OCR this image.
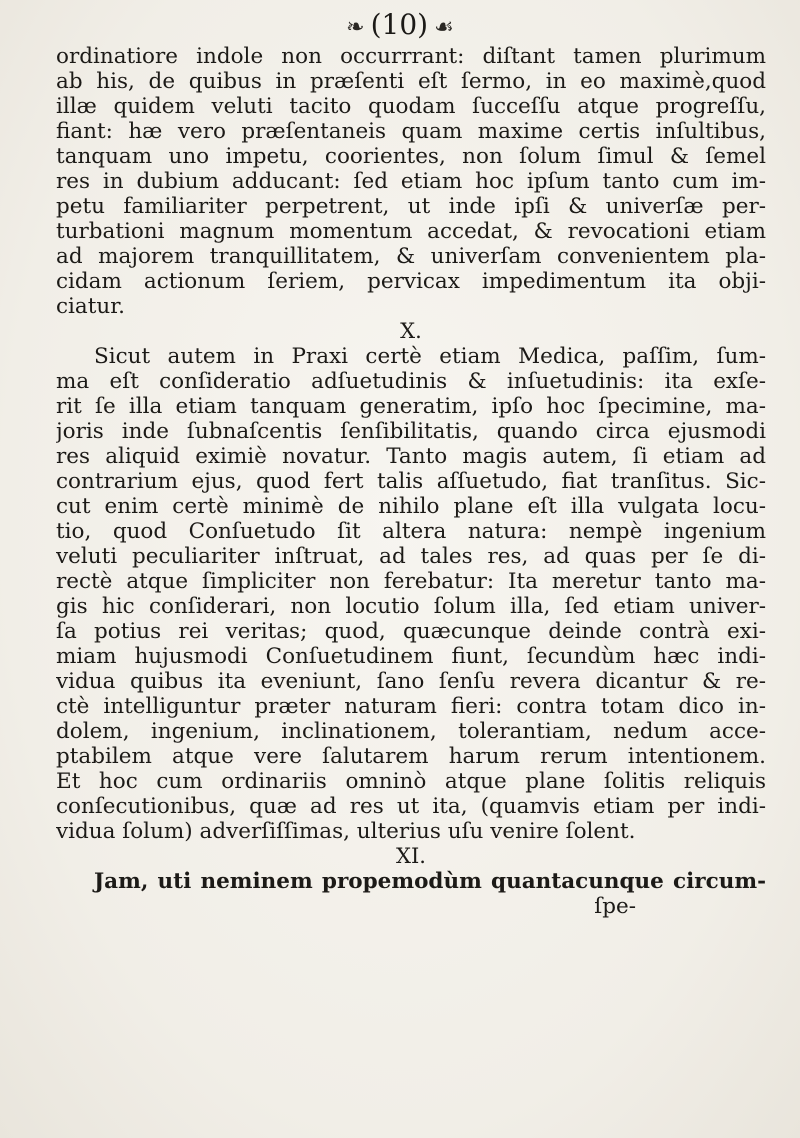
❧ (10) ☙
ordinatiore indole non occurrrant: diſtant tamen plurimum
ab his, de quibus in præſenti eſt ſermo, in eo maximè,quod
illæ quidem veluti tacito quodam ſucceſſu atque progreſſu,
fiant: hæ vero præſentaneis quam maxime certis inſultibus,
tanquam uno impetu, coorientes, non ſolum ſimul & ſemel
res in dubium adducant: ſed etiam hoc ipſum tanto cum im-
petu familiariter perpetrent, ut inde ipſi & univerſæ per-
turbationi magnum momentum accedat, & revocationi etiam
ad majorem tranquillitatem, & univerſam convenientem pla-
cidam actionum ſeriem, pervicax impedimentum ita obji-
ciatur.
X.
Sicut autem in Praxi certè etiam Medica, paſſim, ſum-
ma eſt conſideratio adſuetudinis & inſuetudinis: ita exſe-
rit ſe illa etiam tanquam generatim, ipſo hoc ſpecimine, ma-
joris inde ſubnaſcentis ſenſibilitatis, quando circa ejusmodi
res aliquid eximiè novatur. Tanto magis autem, ſi etiam ad
contrarium ejus, quod fert talis aſſuetudo, fiat tranſitus. Sic-
cut enim certè minimè de nihilo plane eſt illa vulgata locu-
tio, quod Conſuetudo ſit altera natura: nempè ingenium
veluti peculiariter inſtruat, ad tales res, ad quas per ſe di-
rectè atque ſimpliciter non ferebatur: Ita meretur tanto ma-
gis hic conſiderari, non locutio ſolum illa, ſed etiam univer-
ſa potius rei veritas; quod, quæcunque deinde contrà exi-
miam hujusmodi Conſuetudinem fiunt, ſecundùm hæc indi-
vidua quibus ita eveniunt, ſano ſenſu revera dicantur & re-
ctè intelliguntur præter naturam fieri: contra totam dico in-
dolem, ingenium, inclinationem, tolerantiam, nedum acce-
ptabilem atque vere ſalutarem harum rerum intentionem.
Et hoc cum ordinariis omninò atque plane ſolitis reliquis
conſecutionibus, quæ ad res ut ita, (quamvis etiam per indi-
vidua ſolum) adverſiſſimas, ulterius uſu venire ſolent.
XI.
Jam, uti neminem propemodùm quantacunque circum-
ſpe-
